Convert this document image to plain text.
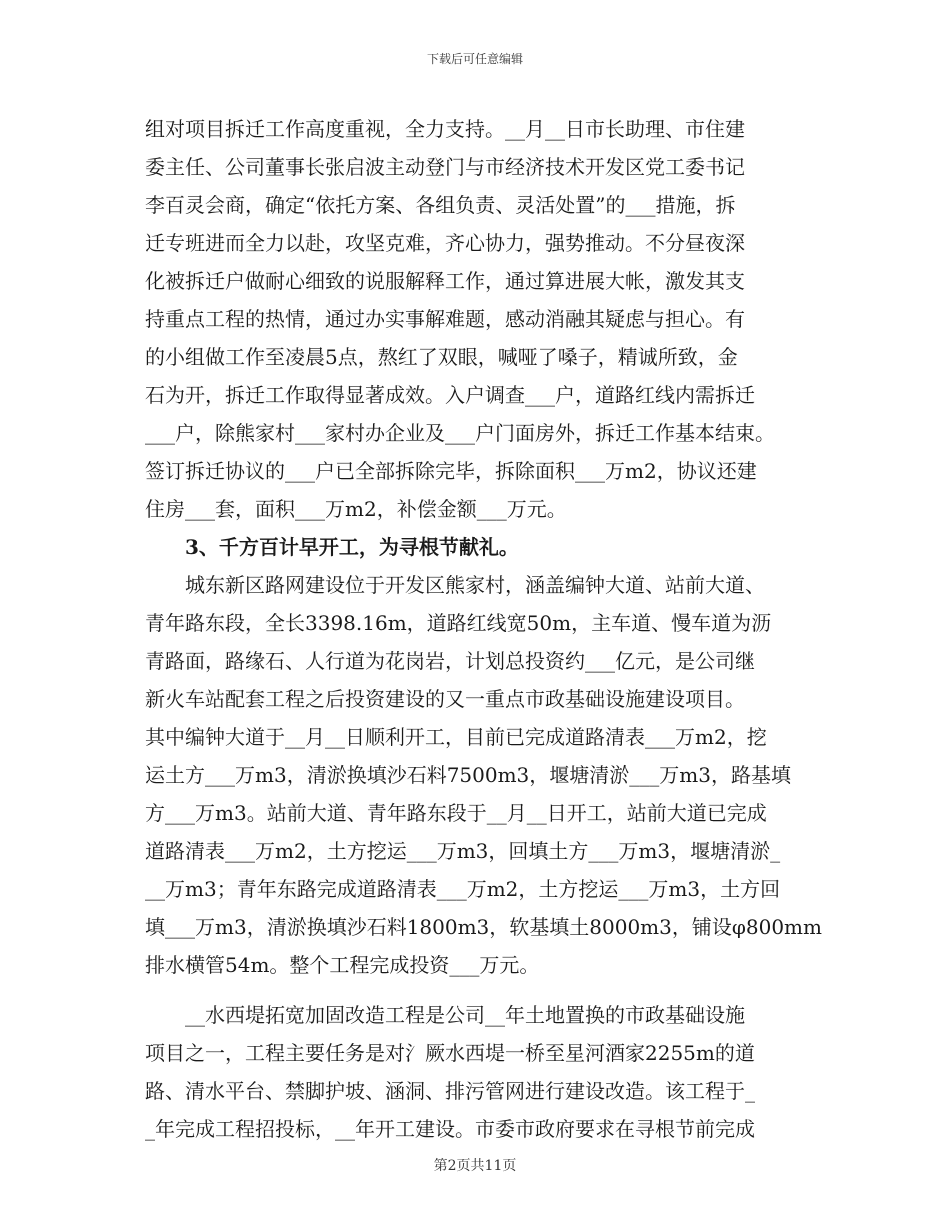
下载后可任意编辑
组对项目拆迁工作高度重视，全力支持。__月__日市长助理、市住建
委主任、公司董事长张启波主动登门与市经济技术开发区党工委书记
李百灵会商，确定“依托方案、各组负责、灵活处置”的___措施，拆
迁专班进而全力以赴，攻坚克难，齐心协力，强势推动。不分昼夜深
化被拆迁户做耐心细致的说服解释工作，通过算进展大帐，激发其支
持重点工程的热情，通过办实事解难题，感动消融其疑虑与担心。有
的小组做工作至凌晨5点，熬红了双眼，喊哑了嗓子，精诚所致，金
石为开，拆迁工作取得显著成效。入户调查___户，道路红线内需拆迁
___户，除熊家村___家村办企业及___户门面房外，拆迁工作基本结束。
签订拆迁协议的___户已全部拆除完毕，拆除面积___万m2，协议还建
住房___套，面积___万m2，补偿金额___万元。
3、千方百计早开工，为寻根节献礼。
城东新区路网建设位于开发区熊家村，涵盖编钟大道、站前大道、
青年路东段，全长3398.16m，道路红线宽50m，主车道、慢车道为沥
青路面，路缘石、人行道为花岗岩，计划总投资约___亿元，是公司继
新火车站配套工程之后投资建设的又一重点市政基础设施建设项目。
其中编钟大道于__月__日顺利开工，目前已完成道路清表___万m2，挖
运土方___万m3，清淤换填沙石料7500m3，堰塘清淤___万m3，路基填
方___万m3。站前大道、青年路东段于__月__日开工，站前大道已完成
道路清表___万m2，土方挖运___万m3，回填土方___万m3，堰塘清淤_
__万m3；青年东路完成道路清表___万m2，土方挖运___万m3，土方回
填___万m3，清淤换填沙石料1800m3，软基填土8000m3，铺设φ800mm
排水横管54m。整个工程完成投资___万元。
__水西堤拓宽加固改造工程是公司__年土地置换的市政基础设施
项目之一，工程主要任务是对氵厥水西堤一桥至星河酒家2255m的道
路、清水平台、禁脚护坡、涵洞、排污管网进行建设改造。该工程于_
_年完成工程招投标，__年开工建设。市委市政府要求在寻根节前完成
第2页共11页
